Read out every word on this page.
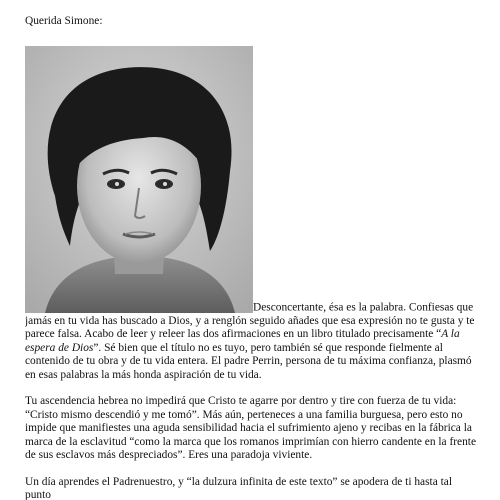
Querida Simone:

Desconcertante, ésa es la palabra. Confiesas que jamás en tu vida has buscado a Dios, y a renglón seguido añades que esa expresión no te gusta y te parece falsa. Acabo de leer y releer las dos afirmaciones en un libro titulado precisamente “A la espera de Dios”. Sé bien que el título no es tuyo, pero también sé que responde fielmente al contenido de tu obra y de tu vida entera. El padre Perrin, persona de tu máxima confianza, plasmó en esas palabras la más honda aspiración de tu vida.

Tu ascendencia hebrea no impedirá que Cristo te agarre por dentro y tire con fuerza de tu vida: “Cristo mismo descendió y me tomó”. Más aún, perteneces a una familia burguesa, pero esto no impide que manifiestes una aguda sensibilidad hacia el sufrimiento ajeno y recibas en la fábrica la marca de la esclavitud “como la marca que los romanos imprimían con hierro candente en la frente de sus esclavos más despreciados”. Eres una paradoja viviente.

Un día aprendes el Padrenuestro, y “la dulzura infinita de este texto” se apodera de ti hasta tal punto
